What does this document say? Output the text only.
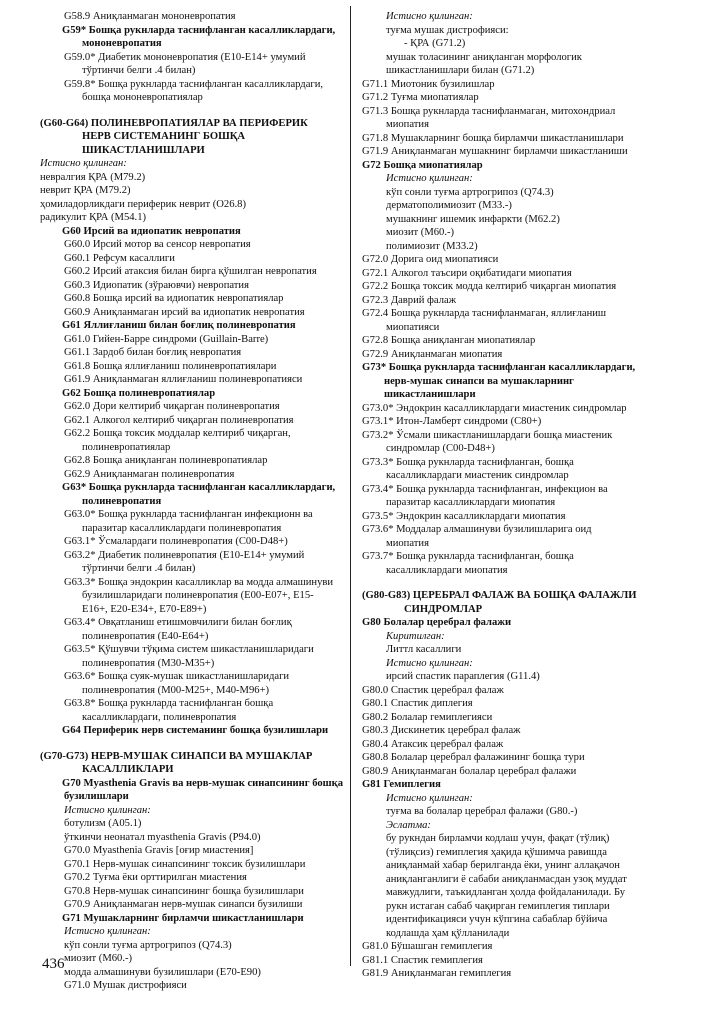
G58.9 Аниқланмаган мононевропатия
G59* Бошқа рукнларда таснифланган касалликлардаги,
мононевропатия
G59.0* Диабетик мононевропатия (E10-E14+ умумий
тўртинчи белги .4 билан)
G59.8* Бошқа рукнларда таснифланган касалликлардаги,
бошқа мононевропатиялар
(G60-G64) ПОЛИНЕВРОПАТИЯЛАР ВА ПЕРИФЕРИК
НЕРВ СИСТЕМАНИНГ БОШҚА
ШИКАСТЛАНИШЛАРИ
Истисно қилинган:
невралгия ҚРА (M79.2)
неврит ҚРА (M79.2)
ҳомиладорликдаги периферик неврит (O26.8)
радикулит ҚРА (M54.1)
G60 Ирсий ва идиопатик невропатия
G60.0 Ирсий мотор ва сенсор невропатия
G60.1 Рефсум касаллиги
G60.2 Ирсий атаксия билан бирга қўшилган невропатия
G60.3 Идиопатик (зўраювчи) невропатия
G60.8 Бошқа ирсий ва идиопатик невропатиялар
G60.9 Аниқланмаган ирсий ва идиопатик невропатия
G61 Яллиғланиш билан боғлиқ полиневропатия
G61.0 Гийен-Барре синдроми (Guillain-Barre)
G61.1 Зардоб билан боғлиқ невропатия
G61.8 Бошқа яллиғланиш полиневропатиялари
G61.9 Аниқланмаган яллиғланиш полиневропатияси
G62 Бошқа полиневропатиялар
G62.0 Дори келтириб чиқарган полиневропатия
G62.1 Алкогол келтириб чиқарган полиневропатия
G62.2 Бошқа токсик моддалар келтириб чиқарган,
полиневропатиялар
G62.8 Бошқа аниқланган полиневропатиялар
G62.9 Аниқланмаган полиневропатия
G63* Бошқа рукнларда таснифланган касалликлардаги,
полиневропатия
G63.0* Бошқа рукнларда таснифланган инфекционн ва
паразитар касалликлардаги полиневропатия
G63.1* Ўсмалардаги полиневропатия (C00-D48+)
G63.2* Диабетик полиневропатия (E10-E14+ умумий
тўртинчи белги .4 билан)
G63.3* Бошқа эндокрин касалликлар ва модда алмашинуви
бузилишларидаги полиневропатия (E00-E07+, E15-
E16+, E20-E34+, E70-E89+)
G63.4* Овқатланиш етишмовчилиги билан боғлиқ
полиневропатия (E40-E64+)
G63.5* Қўшувчи тўқима систем шикастланишларидаги
полиневропатия (M30-M35+)
G63.6* Бошқа суяк-мушак шикастланишларидаги
полиневропатия (M00-M25+, M40-M96+)
G63.8* Бошқа рукнларда таснифланган бошқа
касалликлардаги, полиневропатия
G64 Периферик нерв системанинг бошқа бузилишлари
(G70-G73) НЕРВ-МУШАК СИНАПСИ ВА МУШАКЛАР
КАСАЛЛИКЛАРИ
G70 Myasthenia Gravis ва нерв-мушак синапсининг бошқа
бузилишлари
Истисно қилинган:
ботулизм (A05.1)
ўткинчи неонатал myasthenia Gravis (P94.0)
G70.0 Myasthenia Gravis [оғир миастения]
G70.1 Нерв-мушак синапсининг токсик бузилишлари
G70.2 Туғма ёки орттирилган миастения
G70.8 Нерв-мушак синапсининг бошқа бузилишлари
G70.9 Аниқланмаган нерв-мушак синапси бузилиши
G71 Мушакларнинг бирламчи шикастланишлари
Истисно қилинган:
кўп сонли туғма артрогрипоз (Q74.3)
миозит (M60.-)
модда алмашинуви бузилишлари (E70-E90)
G71.0 Мушак дистрофияси
Истисно қилинган:
туғма мушак дистрофияси:
- ҚРА (G71.2)
мушак толасининг аниқланган морфологик
шикастланишлари билан (G71.2)
G71.1 Миотоник бузилишлар
G71.2 Туғма миопатиялар
G71.3 Бошқа рукнларда таснифланмаган, митохондриал
миопатия
G71.8 Мушакларнинг бошқа бирламчи шикастланишлари
G71.9 Аниқланмаган мушакнинг бирламчи шикастланиши
G72 Бошқа миопатиялар
Истисно қилинган:
кўп сонли туғма артрогрипоз (Q74.3)
дерматополимиозит (M33.-)
мушакнинг ишемик инфаркти (M62.2)
миозит (M60.-)
полимиозит (M33.2)
G72.0 Дорига оид миопатияси
G72.1 Алкогол таъсири оқибатидаги миопатия
G72.2 Бошқа токсик модда келтириб чиқарган миопатия
G72.3 Даврий фалаж
G72.4 Бошқа рукнларда таснифланмаган, яллиғланиш
миопатияси
G72.8 Бошқа аниқланган миопатиялар
G72.9 Аниқланмаган миопатия
G73* Бошқа рукнларда таснифланган касалликлардаги,
нерв-мушак синапси ва мушакларнинг
шикастланишлари
G73.0* Эндокрин касалликлардаги миастеник синдромлар
G73.1* Итон-Ламберт синдроми (C80+)
G73.2* Ўсмали шикастланишлардаги бошқа миастеник
синдромлар (C00-D48+)
G73.3* Бошқа рукнларда таснифланган, бошқа
касалликлардаги миастеник синдромлар
G73.4* Бошқа рукнларда таснифланган, инфекцион ва
паразитар касалликлардаги миопатия
G73.5* Эндокрин касалликлардаги миопатия
G73.6* Моддалар алмашинуви бузилишларига оид
миопатия
G73.7* Бошқа рукнларда таснифланган, бошқа
касалликлардаги миопатия
(G80-G83) ЦЕРЕБРАЛ ФАЛАЖ ВА БОШҚА ФАЛАЖЛИ
СИНДРОМЛАР
G80 Болалар церебрал фалажи
Киритилган:
Литтл касаллиги
Истисно қилинган:
ирсий спастик параплегия (G11.4)
G80.0 Спастик церебрал фалаж
G80.1 Спастик диплегия
G80.2 Болалар гемиплегияси
G80.3 Дискинетик церебрал фалаж
G80.4 Атаксик церебрал фалаж
G80.8 Болалар церебрал фалажининг бошқа тури
G80.9 Аниқланмаган болалар церебрал фалажи
G81 Гемиплегия
Истисно қилинган:
туғма ва болалар церебрал фалажи (G80.-)
Эслатма:
бу рукндан бирламчи кодлаш учун, фақат (тўлиқ)
(тўлиқсиз) гемиплегия ҳақида қўшимча равишда
аниқланмай хабар берилганда ёки, унинг аллақачон
аниқланганлиги ё сабаби аниқланмасдан узоқ муддат
мавжудлиги, таъкидланган ҳолда фойдаланилади. Бу
рукн истаган сабаб чақирган гемиплегия типлари
идентификацияси учун кўпгина сабаблар бўйича
кодлашда ҳам қўлланилади
G81.0 Бўшашган гемиплегия
G81.1 Спастик гемиплегия
G81.9 Аниқланмаган гемиплегия
436
